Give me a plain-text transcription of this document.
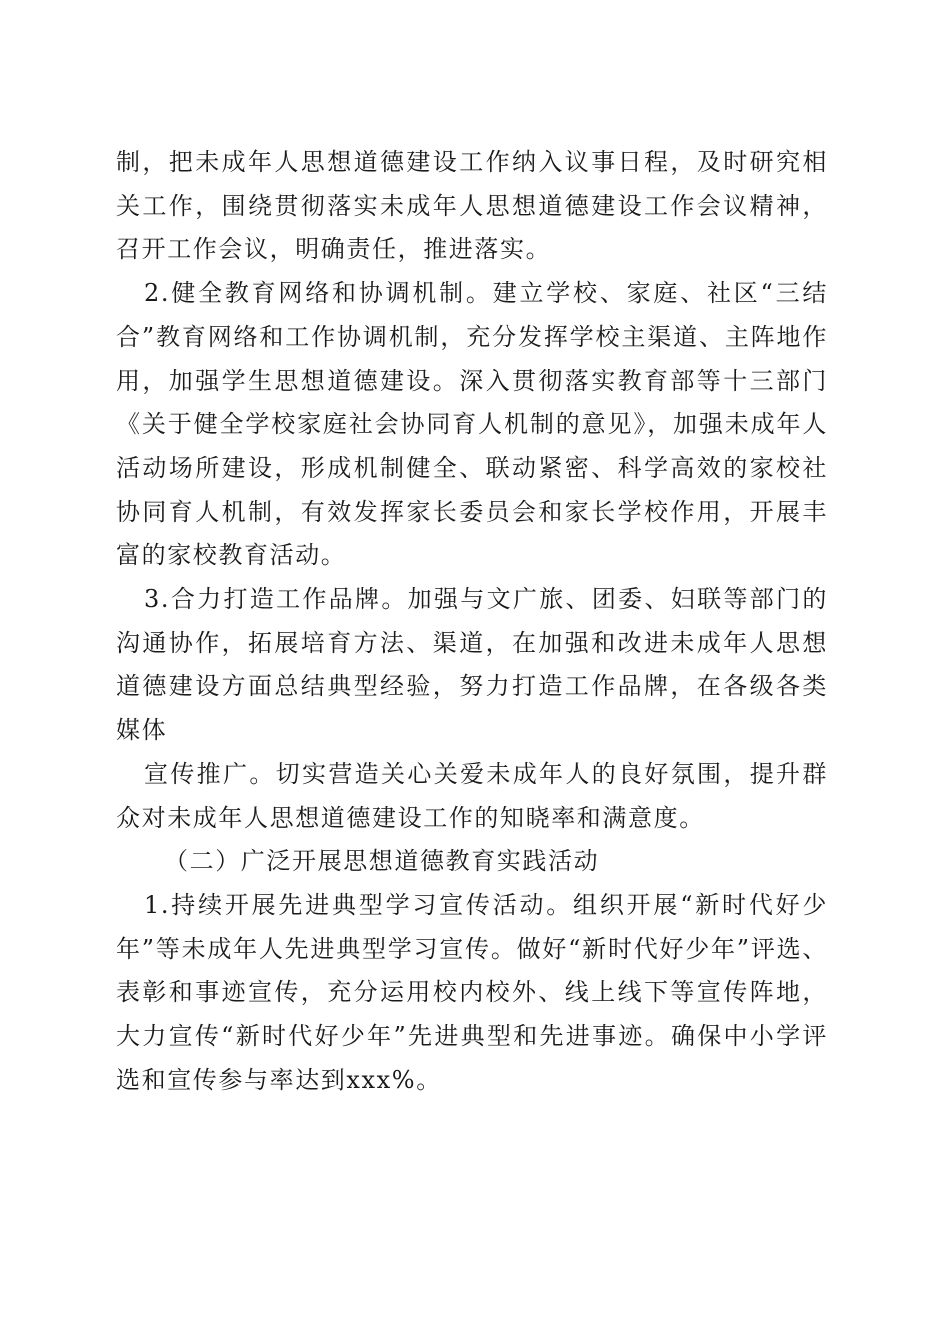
制，把未成年人思想道德建设工作纳入议事日程，及时研究相关工作，围绕贯彻落实未成年人思想道德建设工作会议精神，召开工作会议，明确责任，推进落实。

2.健全教育网络和协调机制。建立学校、家庭、社区“三结合”教育网络和工作协调机制，充分发挥学校主渠道、主阵地作用，加强学生思想道德建设。深入贯彻落实教育部等十三部门《关于健全学校家庭社会协同育人机制的意见》，加强未成年人活动场所建设，形成机制健全、联动紧密、科学高效的家校社协同育人机制，有效发挥家长委员会和家长学校作用，开展丰富的家校教育活动。

3.合力打造工作品牌。加强与文广旅、团委、妇联等部门的沟通协作，拓展培育方法、渠道，在加强和改进未成年人思想道德建设方面总结典型经验，努力打造工作品牌，在各级各类媒体

宣传推广。切实营造关心关爱未成年人的良好氛围，提升群众对未成年人思想道德建设工作的知晓率和满意度。

（二）广泛开展思想道德教育实践活动

1.持续开展先进典型学习宣传活动。组织开展“新时代好少年”等未成年人先进典型学习宣传。做好“新时代好少年”评选、表彰和事迹宣传，充分运用校内校外、线上线下等宣传阵地，大力宣传“新时代好少年”先进典型和先进事迹。确保中小学评选和宣传参与率达到xxx%。
